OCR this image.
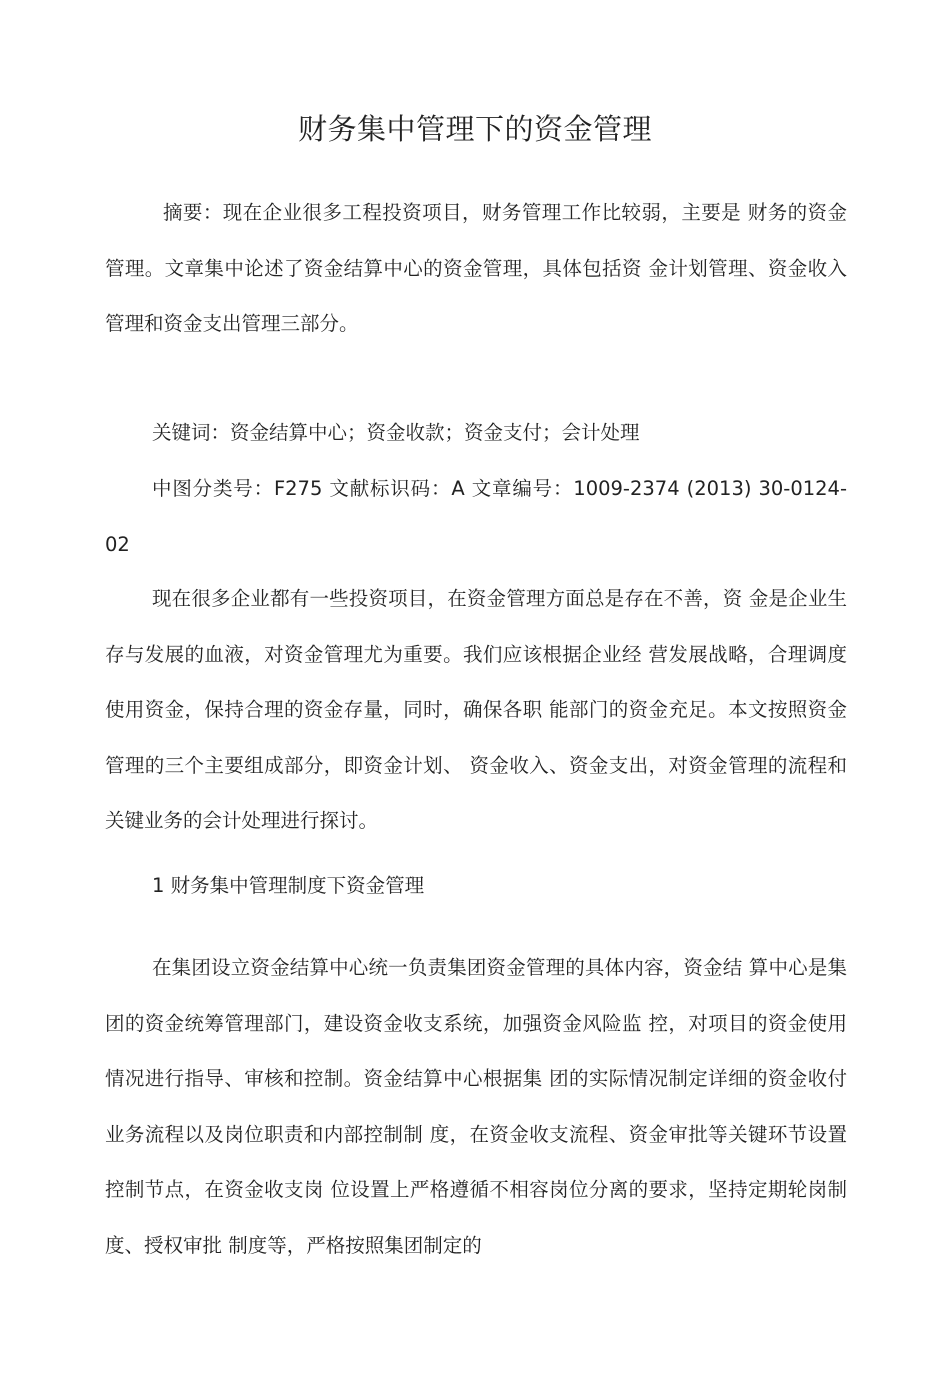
财务集中管理下的资金管理

摘要：现在企业很多工程投资项目，财务管理工作比较弱，主要是 财务的资金管理。文章集中论述了资金结算中心的资金管理，具体包括资 金计划管理、资金收入管理和资金支出管理三部分。

关键词：资金结算中心；资金收款；资金支付；会计处理

中图分类号：F275 文献标识码：A 文章编号：1009-2374 (2013) 30-0124-02

现在很多企业都有一些投资项目，在资金管理方面总是存在不善，资 金是企业生存与发展的血液，对资金管理尤为重要。我们应该根据企业经 营发展战略，合理调度使用资金，保持合理的资金存量，同时，确保各职 能部门的资金充足。本文按照资金管理的三个主要组成部分，即资金计划、 资金收入、资金支出，对资金管理的流程和关键业务的会计处理进行探讨。

1 财务集中管理制度下资金管理

在集团设立资金结算中心统一负责集团资金管理的具体内容，资金结 算中心是集团的资金统筹管理部门，建设资金收支系统，加强资金风险监 控，对项目的资金使用情况进行指导、审核和控制。资金结算中心根据集 团的实际情况制定详细的资金收付业务流程以及岗位职责和内部控制制 度，在资金收支流程、资金审批等关键环节设置控制节点，在资金收支岗 位设置上严格遵循不相容岗位分离的要求，坚持定期轮岗制度、授权审批 制度等，严格按照集团制定的
